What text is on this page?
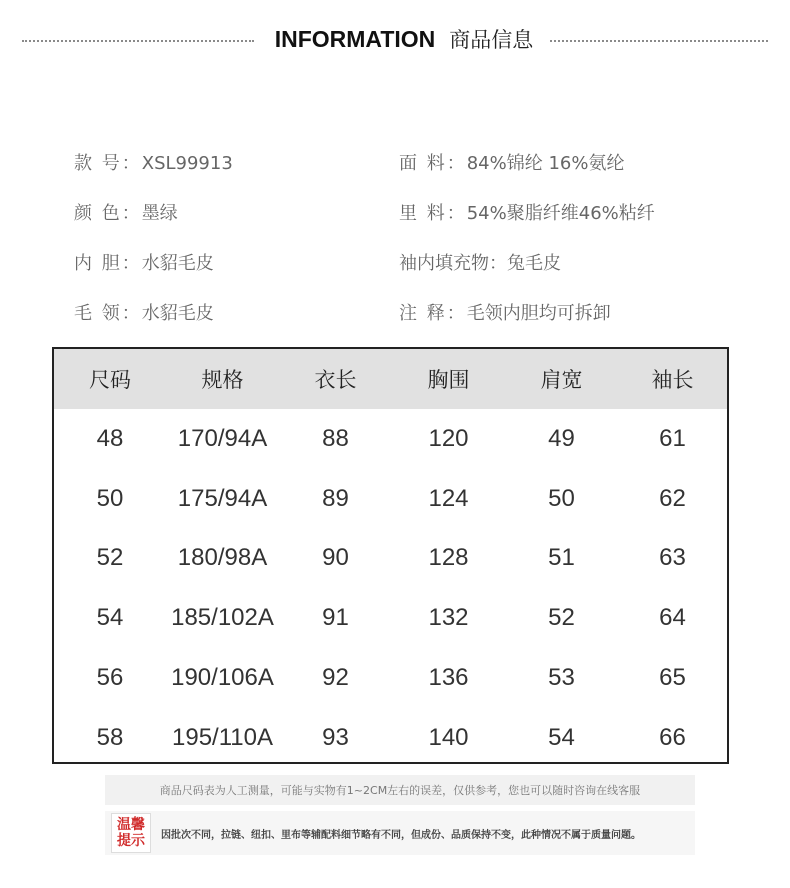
INFORMATION 商品信息
款 号：XSL99913
颜 色：墨绿
内 胆：水貂毛皮
毛 领：水貂毛皮
面 料：84%锦纶 16%氨纶
里 料：54%聚脂纤维46%粘纤
袖内填充物：兔毛皮
注 释：毛领内胆均可拆卸
尺码	规格	衣长	胸围	肩宽	袖长
48	170/94A	88	120	49	61
50	175/94A	89	124	50	62
52	180/98A	90	128	51	63
54	185/102A	91	132	52	64
56	190/106A	92	136	53	65
58	195/110A	93	140	54	66
商品尺码表为人工测量，可能与实物有1~2CM左右的误差，仅供参考，您也可以随时咨询在线客服
温馨
提示 因批次不同，拉链、纽扣、里布等辅配料细节略有不同，但成份、品质保持不变，此种情况不属于质量问题。
